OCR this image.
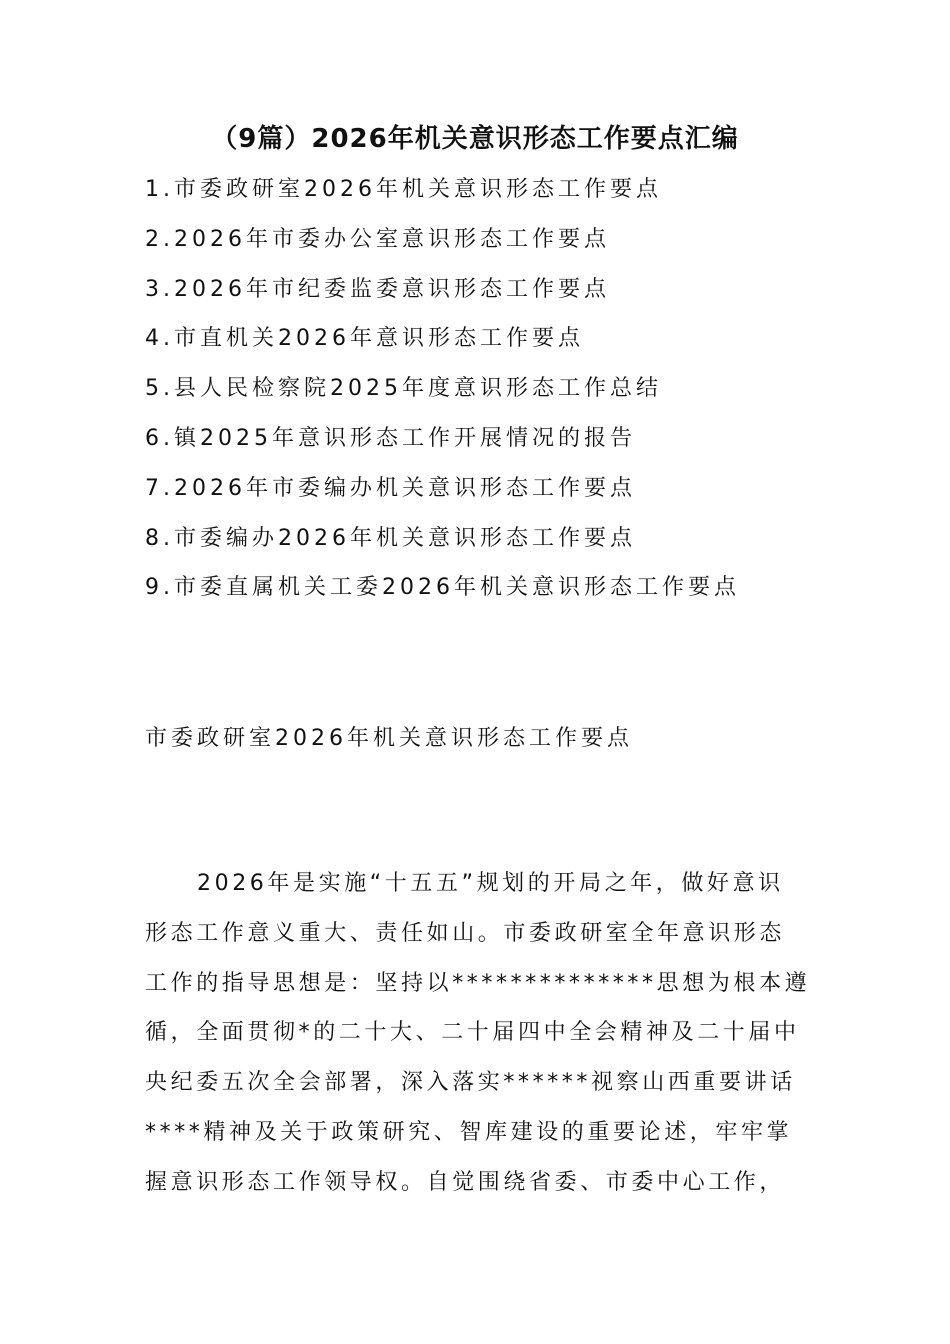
（9篇）2026年机关意识形态工作要点汇编
1.市委政研室2026年机关意识形态工作要点
2.2026年市委办公室意识形态工作要点
3.2026年市纪委监委意识形态工作要点
4.市直机关2026年意识形态工作要点
5.县人民检察院2025年度意识形态工作总结
6.镇2025年意识形态工作开展情况的报告
7.2026年市委编办机关意识形态工作要点
8.市委编办2026年机关意识形态工作要点
9.市委直属机关工委2026年机关意识形态工作要点
市委政研室2026年机关意识形态工作要点

2026年是实施“十五五”规划的开局之年，做好意识
形态工作意义重大、责任如山。市委政研室全年意识形态
工作的指导思想是：坚持以**************思想为根本遵
循，全面贯彻*的二十大、二十届四中全会精神及二十届中
央纪委五次全会部署，深入落实******视察山西重要讲话
****精神及关于政策研究、智库建设的重要论述，牢牢掌
握意识形态工作领导权。自觉围绕省委、市委中心工作，
